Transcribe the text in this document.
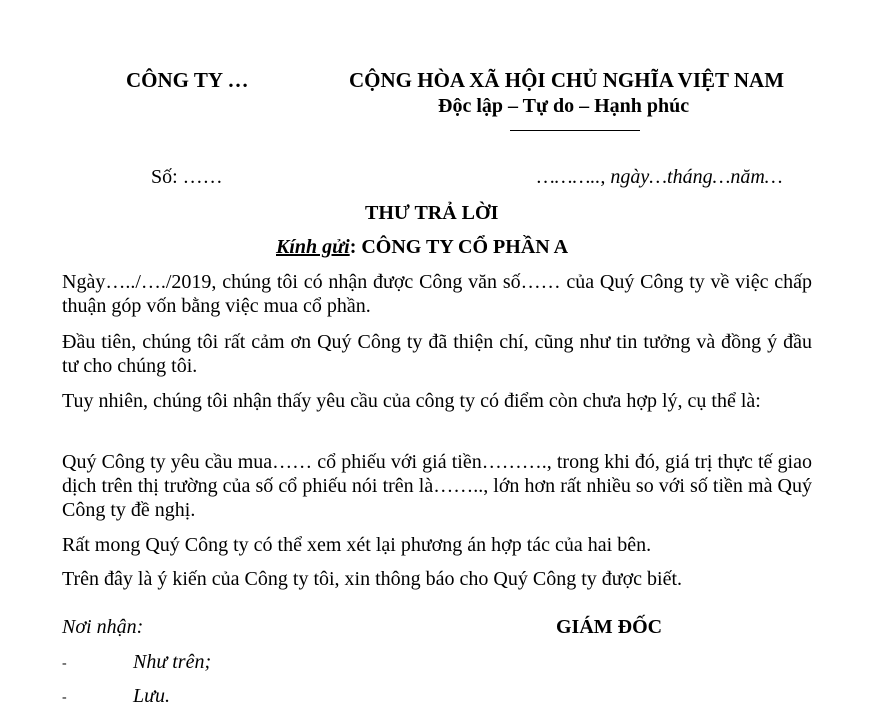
CÔNG TY …	CỘNG HÒA XÃ HỘI CHỦ NGHĨA VIỆT NAM
Độc lập – Tự do – Hạnh phúc
Số: ……	……….., ngày…tháng…năm…
THƯ TRẢ LỜI
Kính gửi: CÔNG TY CỔ PHẦN A
Ngày…../…./2019, chúng tôi có nhận được Công văn số…… của Quý Công ty về việc chấp thuận góp vốn bằng việc mua cổ phần.
Đầu tiên, chúng tôi rất cảm ơn Quý Công ty đã thiện chí, cũng như tin tưởng và đồng ý đầu tư cho chúng tôi.
Tuy nhiên, chúng tôi nhận thấy yêu cầu của công ty có điểm còn chưa hợp lý, cụ thể là:
Quý Công ty yêu cầu mua…… cổ phiếu với giá tiền………., trong khi đó, giá trị thực tế giao dịch trên thị trường của số cổ phiếu nói trên là…….., lớn hơn rất nhiều so với số tiền mà Quý Công ty đề nghị.
Rất mong Quý Công ty có thể xem xét lại phương án hợp tác của hai bên.
Trên đây là ý kiến của Công ty tôi, xin thông báo cho Quý Công ty được biết.
Nơi nhận:	GIÁM ĐỐC
-	Như trên;
-	Lưu.
